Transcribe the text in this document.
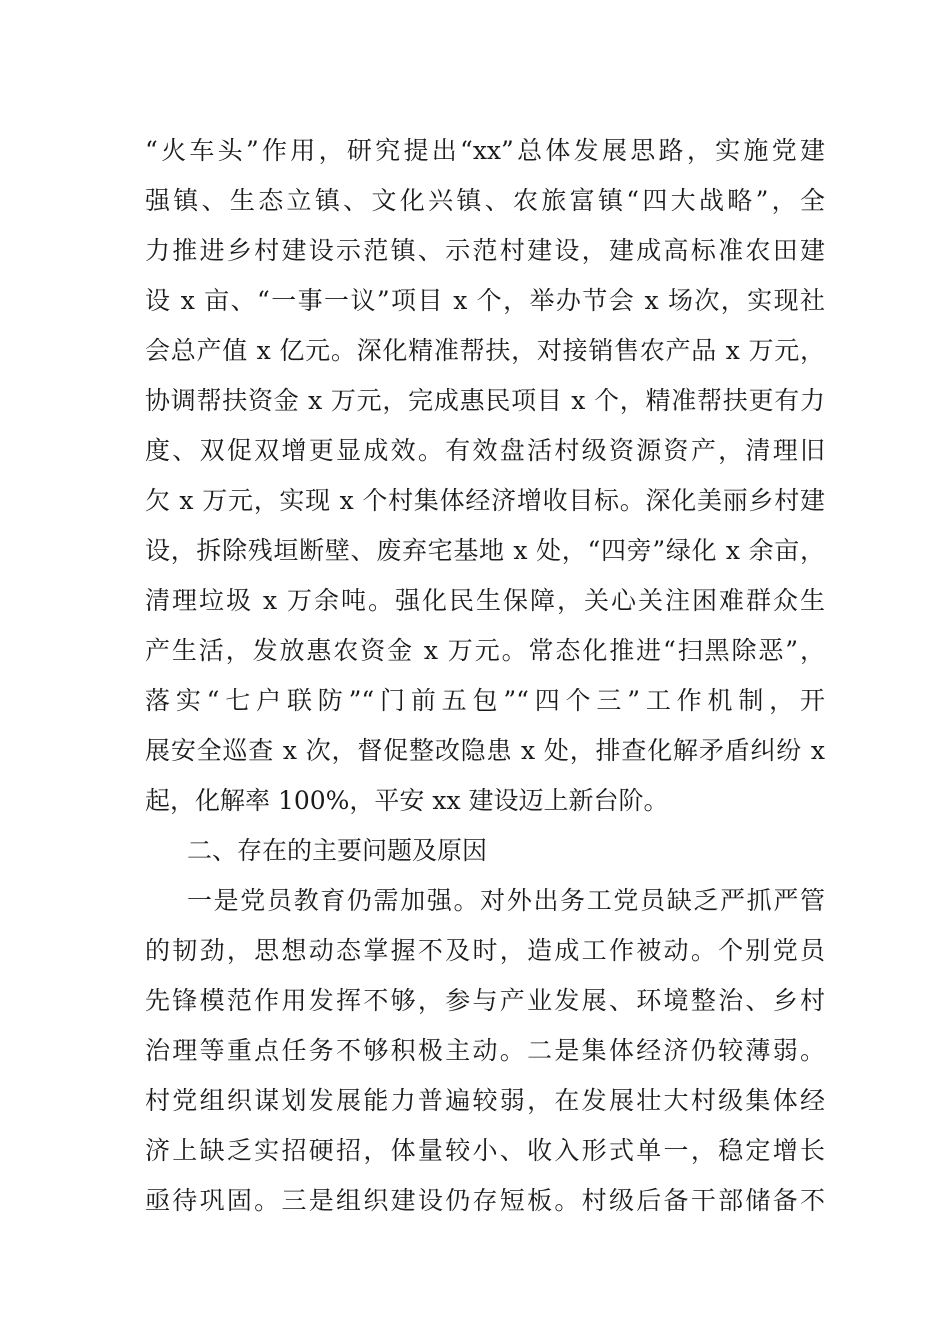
“火车头”作用，研究提出“xx”总体发展思路，实施党建
强镇、生态立镇、文化兴镇、农旅富镇“四大战略”，全
力推进乡村建设示范镇、示范村建设，建成高标准农田建
设 x 亩、“一事一议”项目 x 个，举办节会 x 场次，实现社
会总产值 x 亿元。深化精准帮扶，对接销售农产品 x 万元，
协调帮扶资金 x 万元，完成惠民项目 x 个，精准帮扶更有力
度、双促双增更显成效。有效盘活村级资源资产，清理旧
欠 x 万元，实现 x 个村集体经济增收目标。深化美丽乡村建
设，拆除残垣断壁、废弃宅基地 x 处，“四旁”绿化 x 余亩，
清理垃圾 x 万余吨。强化民生保障，关心关注困难群众生
产生活，发放惠农资金 x 万元。常态化推进“扫黑除恶”，
落实“七户联防”“门前五包”“四个三”工作机制，开
展安全巡查 x 次，督促整改隐患 x 处，排查化解矛盾纠纷 x
起，化解率 100%，平安 xx 建设迈上新台阶。
二、存在的主要问题及原因
一是党员教育仍需加强。对外出务工党员缺乏严抓严管
的韧劲，思想动态掌握不及时，造成工作被动。个别党员
先锋模范作用发挥不够，参与产业发展、环境整治、乡村
治理等重点任务不够积极主动。二是集体经济仍较薄弱。
村党组织谋划发展能力普遍较弱，在发展壮大村级集体经
济上缺乏实招硬招，体量较小、收入形式单一，稳定增长
亟待巩固。三是组织建设仍存短板。村级后备干部储备不
